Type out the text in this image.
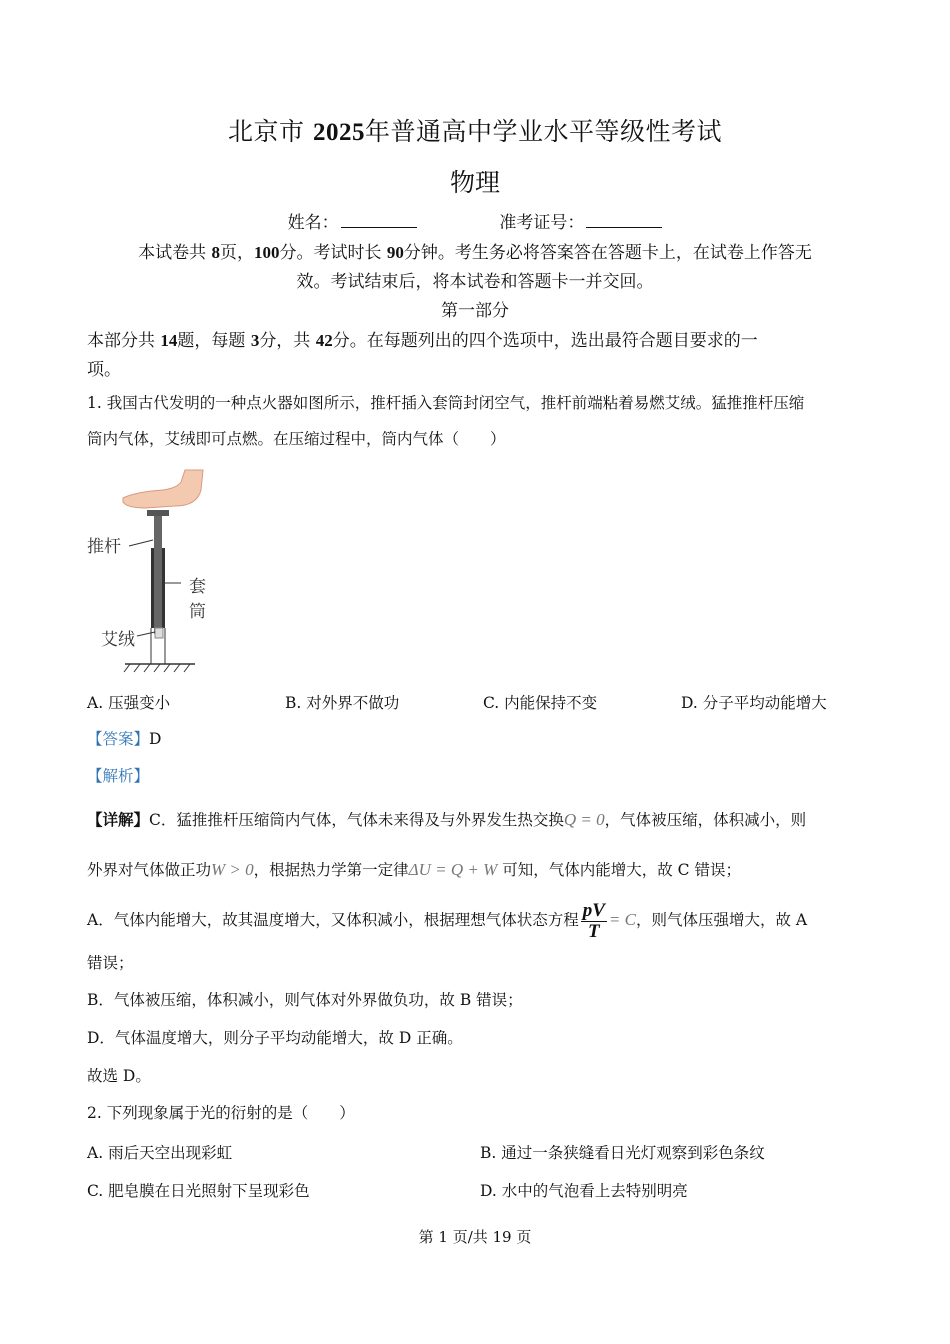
北京市 2025年普通高中学业水平等级性考试
物理
姓名：	准考证号：
本试卷共 8页，100分。考试时长 90分钟。考生务必将答案答在答题卡上，在试卷上作答无
效。考试结束后，将本试卷和答题卡一并交回。
第一部分
本部分共 14题，每题 3分，共 42分。在每题列出的四个选项中，选出最符合题目要求的一
项。
1. 我国古代发明的一种点火器如图所示，推杆插入套筒封闭空气，推杆前端粘着易燃艾绒。猛推推杆压缩
筒内气体，艾绒即可点燃。在压缩过程中，筒内气体（　　）
推杆
套筒
艾绒
A. 压强变小	B. 对外界不做功	C. 内能保持不变	D. 分子平均动能增大
【答案】D
【解析】
【详解】C．猛推推杆压缩筒内气体，气体未来得及与外界发生热交换Q = 0，气体被压缩，体积减小，则
外界对气体做正功W > 0，根据热力学第一定律ΔU = Q + W 可知，气体内能增大，故 C 错误；
A．气体内能增大，故其温度增大，又体积减小，根据理想气体状态方程 $\frac{pV}{T} = C$，则气体压强增大，故 A
错误；
B．气体被压缩，体积减小，则气体对外界做负功，故 B 错误；
D．气体温度增大，则分子平均动能增大，故 D 正确。
故选 D。
2. 下列现象属于光的衍射的是（　　）
A. 雨后天空出现彩虹	B. 通过一条狭缝看日光灯观察到彩色条纹
C. 肥皂膜在日光照射下呈现彩色	D. 水中的气泡看上去特别明亮
第 1 页/共 19 页
